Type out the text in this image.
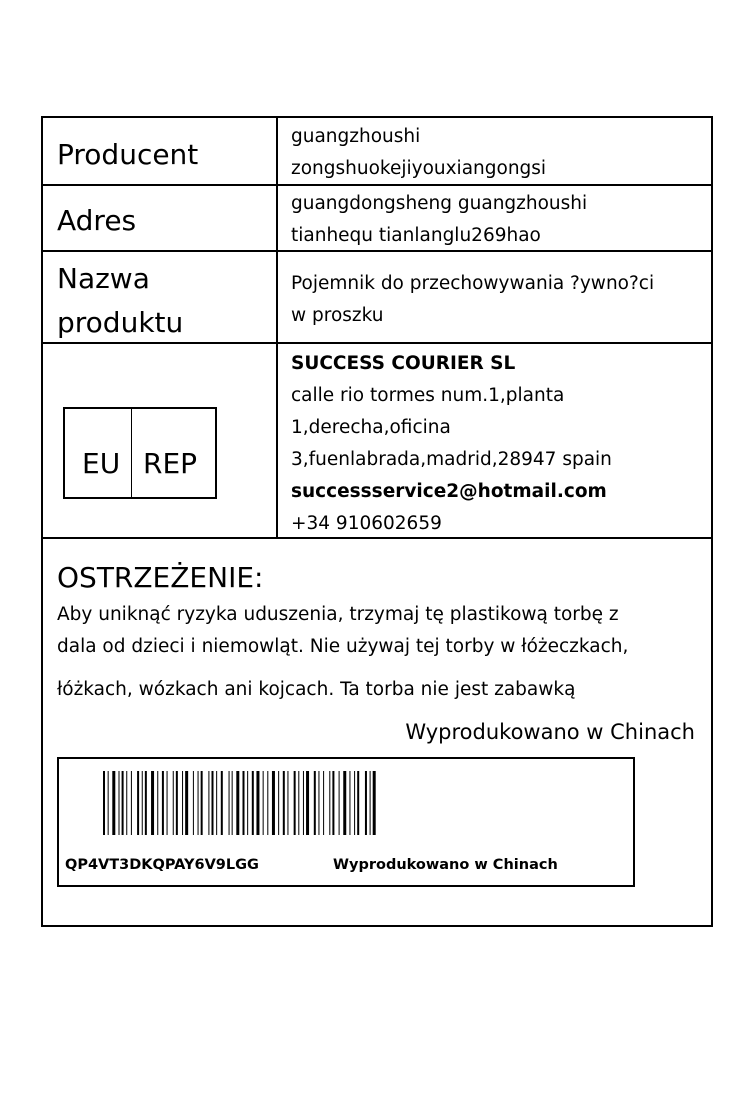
Producent
guangzhoushi
zongshuokejiyouxiangongsi
Adres
guangdongsheng guangzhoushi
tianhequ tianlanglu269hao
Nazwa
produktu
Pojemnik do przechowywania ?ywno?ci
w proszku
EU REP
SUCCESS COURIER SL
calle rio tormes num.1,planta
1,derecha,oficina
3,fuenlabrada,madrid,28947 spain
successservice2@hotmail.com
+34 910602659
OSTRZEŻENIE:
Aby uniknąć ryzyka uduszenia, trzymaj tę plastikową torbę z
dala od dzieci i niemowląt. Nie używaj tej torby w łóżeczkach,
łóżkach, wózkach ani kojcach. Ta torba nie jest zabawką
Wyprodukowano w Chinach
QP4VT3DKQPAY6V9LGG	Wyprodukowano w Chinach
